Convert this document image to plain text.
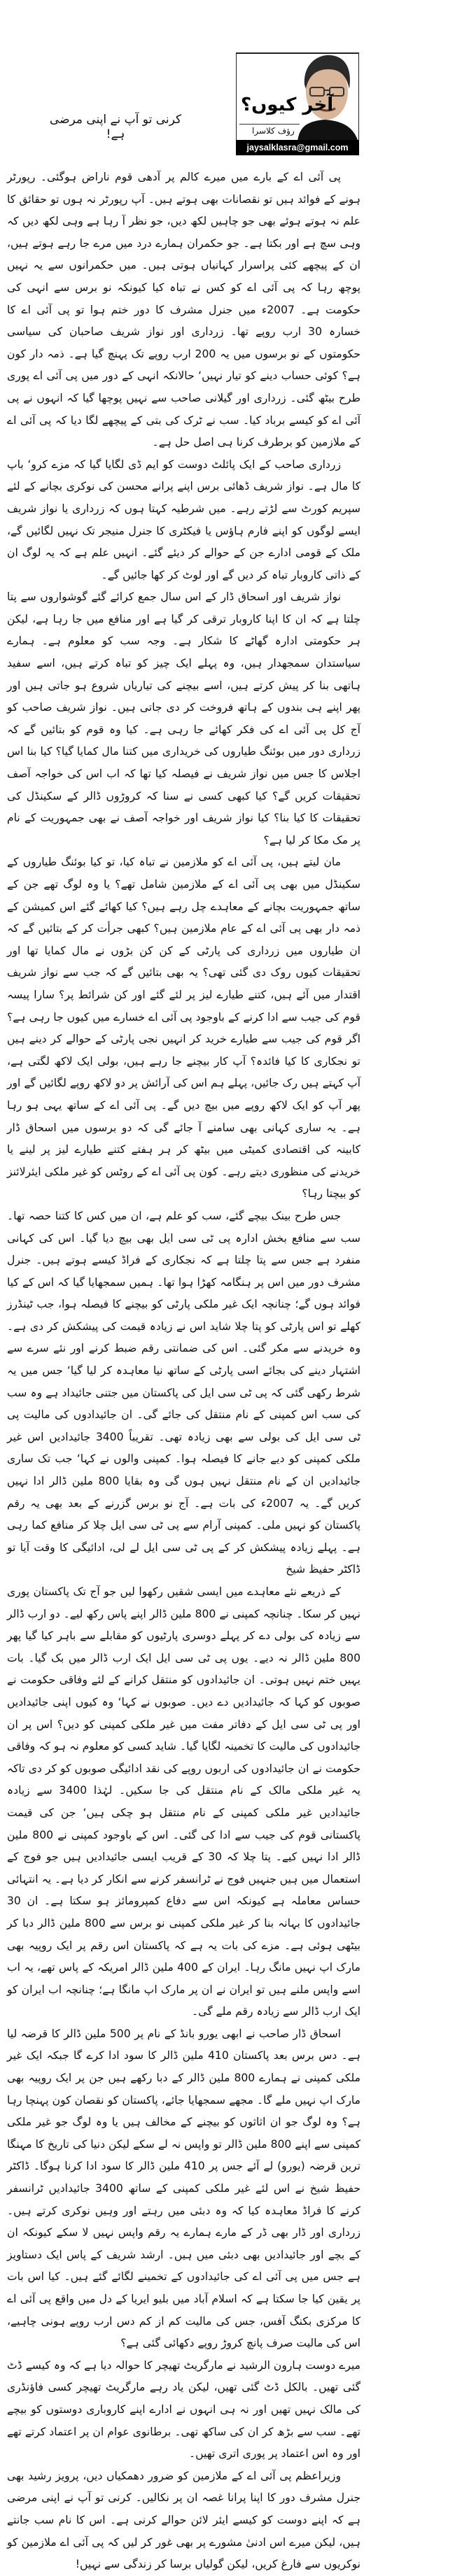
آخر کیوں؟
رؤف کلاسرا
jaysalklasra@gmail.com
کرنی تو آپ نے اپنی مرضی ہے!

پی آئی اے کے بارے میں میرے کالم پر آدھی قوم ناراض ہوگئی۔ رپورٹر ہونے کے فوائد ہیں تو نقصانات بھی ہوتے ہیں۔ آپ رپورٹر نہ ہوں تو حقائق کا علم نہ ہوتے ہوئے بھی جو چاہیں لکھ دیں، جو نظر آ رہا ہے وہی لکھ دیں کہ وہی سچ ہے اور بکتا ہے۔ جو حکمران ہمارے درد میں مرے جا رہے ہوتے ہیں، ان کے پیچھے کئی پراسرار کہانیاں ہوتی ہیں۔ میں حکمرانوں سے یہ نہیں پوچھ رہا کہ پی آئی اے کو کس نے تباہ کیا کیونکہ نو برس سے انہی کی حکومت ہے۔ 2007ء میں جنرل مشرف کا دور ختم ہوا تو پی آئی اے کا خسارہ 30 ارب روپے تھا۔ زرداری اور نواز شریف صاحبان کی سیاسی حکومتوں کے نو برسوں میں یہ 200 ارب روپے تک پہنچ گیا ہے۔ ذمہ دار کون ہے؟ کوئی حساب دینے کو تیار نہیں‘ حالانکہ انہی کے دور میں پی آئی اے پوری طرح بیٹھ گئی۔ زرداری اور گیلانی صاحب سے نہیں پوچھا گیا کہ انہوں نے پی آئی اے کو کیسے برباد کیا۔ سب نے ٹرک کی بتی کے پیچھے لگا دیا کہ پی آئی اے کے ملازمین کو برطرف کرنا ہی اصل حل ہے۔

زرداری صاحب کے ایک پائلٹ دوست کو ایم ڈی لگایا گیا کہ مزے کرو‘ باپ کا مال ہے۔ نواز شریف ڈھائی برس اپنے پرانے محسن کی نوکری بچانے کے لئے سپریم کورٹ سے لڑتے رہے۔ میں شرطیہ کہتا ہوں کہ زرداری یا نواز شریف ایسے لوگوں کو اپنے فارم ہاؤس یا فیکٹری کا جنرل منیجر تک نہیں لگائیں گے، ملک کے قومی ادارے جن کے حوالے کر دیئے گئے۔ انہیں علم ہے کہ یہ لوگ ان کے ذاتی کاروبار تباہ کر دیں گے اور لوٹ کر کھا جائیں گے۔

نواز شریف اور اسحاق ڈار کے اس سال جمع کرائے گئے گوشواروں سے پتا چلتا ہے کہ ان کا اپنا کاروبار ترقی کر گیا ہے اور منافع میں جا رہا ہے، لیکن ہر حکومتی ادارہ گھاٹے کا شکار ہے۔ وجہ سب کو معلوم ہے۔ ہمارے سیاستدان سمجھدار ہیں، وہ پہلے ایک چیز کو تباہ کرتے ہیں، اسے سفید ہاتھی بنا کر پیش کرتے ہیں، اسے بیچنے کی تیاریاں شروع ہو جاتی ہیں اور پھر اپنے ہی بندوں کے ہاتھ فروخت کر دی جاتی ہیں۔ نواز شریف صاحب کو آج کل پی آئی اے کی فکر کھائے جا رہی ہے۔ کیا وہ قوم کو بتائیں گے کہ زرداری دور میں بوئنگ طیاروں کی خریداری میں کتنا مال کمایا گیا؟ کیا بنا اس اجلاس کا جس میں نواز شریف نے فیصلہ کیا تھا کہ اب اس کی خواجہ آصف تحقیقات کریں گے؟ کیا کبھی کسی نے سنا کہ کروڑوں ڈالر کے سکینڈل کی تحقیقات کا کیا بنا؟ کیا نواز شریف اور خواجہ آصف نے بھی جمہوریت کے نام پر مک مکا کر لیا ہے؟

مان لیتے ہیں، پی آئی اے کو ملازمین نے تباہ کیا، تو کیا بوئنگ طیاروں کے سکینڈل میں بھی پی آئی اے کے ملازمین شامل تھے؟ یا وہ لوگ تھے جن کے ساتھ جمہوریت بچانے کے معاہدے چل رہے ہیں؟ کیا کھائے گئے اس کمیشن کے ذمہ دار بھی پی آئی اے کے عام ملازمین ہیں؟ کبھی جرأت کر کے بتائیں گے کہ ان طیاروں میں زرداری کی پارٹی کے کن کن بڑوں نے مال کمایا تھا اور تحقیقات کیوں روک دی گئی تھی؟ یہ بھی بتائیں گے کہ جب سے نواز شریف اقتدار میں آئے ہیں، کتنے طیارے لیز پر لئے گئے اور کن شرائط پر؟ سارا پیسہ قوم کی جیب سے ادا کرنے کے باوجود پی آئی اے خسارے میں کیوں جا رہی ہے؟ اگر قوم کی جیب سے طیارے خرید کر انہیں نجی پارٹی کے حوالے کر دینے ہیں تو نجکاری کا کیا فائدہ؟ آپ کار بیچنے جا رہے ہیں، بولی ایک لاکھ لگتی ہے، آپ کہتے ہیں رک جائیں، پہلے ہم اس کی آرائش پر دو لاکھ روپے لگائیں گے اور پھر آپ کو ایک لاکھ روپے میں بیچ دیں گے۔ پی آئی اے کے ساتھ یہی ہو رہا ہے۔ یہ ساری کہانی بھی سامنے آ جائے گی کہ دو برسوں میں اسحاق ڈار کابینہ کی اقتصادی کمیٹی میں بیٹھ کر ہر ہفتے کتنے طیارے لیز پر لینے یا خریدنے کی منظوری دیتے رہے۔ کون پی آئی اے کے روٹس کو غیر ملکی ایئرلائنز کو بیچتا رہا؟

جس طرح بینک بیچے گئے، سب کو علم ہے، ان میں کس کا کتنا حصہ تھا۔ سب سے منافع بخش ادارہ پی ٹی سی ایل بھی بیچ دیا گیا۔ اس کی کہانی منفرد ہے جس سے پتا چلتا ہے کہ نجکاری کے فراڈ کیسے ہوتے ہیں۔ جنرل مشرف دور میں اس پر ہنگامہ کھڑا ہوا تھا۔ ہمیں سمجھایا گیا کہ اس کے کیا فوائد ہوں گے؛ چنانچہ ایک غیر ملکی پارٹی کو بیچنے کا فیصلہ ہوا، جب ٹینڈرز کھلے تو اس پارٹی کو پتا چلا شاید اس نے زیادہ قیمت کی پیشکش کر دی ہے۔ وہ خریدنے سے مکر گئی۔ اس کی ضمانتی رقم ضبط کرنے اور نئے سرے سے اشتہار دینے کی بجائے اسی پارٹی کے ساتھ نیا معاہدہ کر لیا گیا‘ جس میں یہ شرط رکھی گئی کہ پی ٹی سی ایل کی پاکستان میں جتنی جائیداد ہے وہ سب کی سب اس کمپنی کے نام منتقل کی جائے گی۔ ان جائیدادوں کی مالیت پی ٹی سی ایل کی بولی سے بھی زیادہ تھی۔ تقریباً 3400 جائیدادیں اس غیر ملکی کمپنی کو دیے جانے کا فیصلہ ہوا۔ کمپنی والوں نے کہا‘ جب تک ساری جائیدادیں ان کے نام منتقل نہیں ہوں گی وہ بقایا 800 ملین ڈالر ادا نہیں کریں گے۔ یہ 2007ء کی بات ہے۔ آج نو برس گزرنے کے بعد بھی یہ رقم پاکستان کو نہیں ملی۔ کمپنی آرام سے پی ٹی سی ایل چلا کر منافع کما رہی ہے۔ پہلے زیادہ پیشکش کر کے پی ٹی سی ایل لے لی، ادائیگی کا وقت آیا تو ڈاکٹر حفیظ شیخ

کے ذریعے نئے معاہدے میں ایسی شقیں رکھوا لیں جو آج تک پاکستان پوری نہیں کر سکا۔ چنانچہ کمپنی نے 800 ملین ڈالر اپنے پاس رکھ لیے۔ دو ارب ڈالر سے زیادہ کی بولی دے کر پہلے دوسری پارٹیوں کو مقابلے سے باہر کیا گیا پھر 800 ملین ڈالر نہ دیے۔ یوں پی ٹی سی ایل ایک ارب ڈالر میں بک گیا۔ بات یہیں ختم نہیں ہوتی۔ ان جائیدادوں کو منتقل کرانے کے لئے وفاقی حکومت نے صوبوں کو کہا کہ جائیدادیں دے دیں۔ صوبوں نے کہا‘ وہ کیوں اپنی جائیدادیں اور پی ٹی سی ایل کے دفاتر مفت میں غیر ملکی کمپنی کو دیں؟ اس پر ان جائیدادوں کی مالیت کا تخمینہ لگایا گیا۔ شاید کسی کو معلوم نہ ہو کہ وفاقی حکومت نے ان جائیدادوں کی اربوں روپے کی نقد ادائیگی صوبوں کو کر دی تاکہ یہ غیر ملکی مالک کے نام منتقل کی جا سکیں۔ لہٰذا 3400 سے زیادہ جائیدادیں غیر ملکی کمپنی کے نام منتقل ہو چکی ہیں‘ جن کی قیمت پاکستانی قوم کی جیب سے ادا کی گئی۔ اس کے باوجود کمپنی نے 800 ملین ڈالر ادا نہیں کیے۔ پتا چلا کہ 30 کے قریب ایسی جائیدادیں ہیں جو فوج کے استعمال میں ہیں جنہیں فوج نے ٹرانسفر کرنے سے انکار کر دیا ہے۔ یہ انتہائی حساس معاملہ ہے کیونکہ اس سے دفاع کمپرومائز ہو سکتا ہے۔ ان 30 جائیدادوں کا بہانہ بنا کر غیر ملکی کمپنی نو برس سے 800 ملین ڈالر دبا کر بیٹھی ہوئی ہے۔ مزے کی بات یہ ہے کہ پاکستان اس رقم پر ایک روپیہ بھی مارک اپ نہیں مانگ رہا۔ ایران کے 400 ملین ڈالر امریکہ کے پاس تھے، یہ اب اسے واپس ملنے ہیں تو ایران نے ان پر مارک اپ مانگا ہے؛ چنانچہ اب ایران کو ایک ارب ڈالر سے زیادہ رقم ملے گی۔

اسحاق ڈار صاحب نے ابھی یورو بانڈ کے نام پر 500 ملین ڈالر کا قرضہ لیا ہے۔ دس برس بعد پاکستان 410 ملین ڈالر کا سود ادا کرے گا جبکہ ایک غیر ملکی کمپنی نے ہمارے 800 ملین ڈالر کے دبا رکھے ہیں جن پر ایک روپیہ بھی مارک اپ نہیں ملے گا۔ مجھے سمجھایا جائے، پاکستان کو نقصان کون پہنچا رہا ہے؟ وہ لوگ جو ان اثاثوں کو بیچنے کے مخالف ہیں یا وہ لوگ جو غیر ملکی کمپنی سے اپنے 800 ملین ڈالر تو واپس نہ لے سکے لیکن دنیا کی تاریخ کا مہنگا ترین قرضہ (یورو) لے آئے جس پر 410 ملین ڈالر کا سود ادا کرنا ہوگا۔ ڈاکٹر حفیظ شیخ نے اس لئے غیر ملکی کمپنی کے ساتھ 3400 جائیدادیں ٹرانسفر کرنے کا فراڈ معاہدہ کیا کہ وہ دبئی میں رہتے اور وہیں نوکری کرتے ہیں۔ زرداری اور ڈار بھی ڈر کے مارے ہمارے یہ رقم واپس نہیں لا سکے کیونکہ ان کے بچے اور جائیدادیں بھی دبئی میں ہیں۔ ارشد شریف کے پاس ایک دستاویز ہے جس میں پی آئی اے کی جائیدادوں کے تخمینے لگائے گئے ہیں۔ کیا اس بات پر یقین کیا جا سکتا ہے کہ اسلام آباد میں بلیو ایریا کے دل میں واقع پی آئی اے کا مرکزی بکنگ آفس، جس کی مالیت کم از کم دس ارب روپے ہونی چاہیے، اس کی مالیت صرف پانچ کروڑ روپے دکھائی گئی ہے؟

میرے دوست ہارون الرشید نے مارگریٹ تھیچر کا حوالہ دیا ہے کہ وہ کیسے ڈٹ گئی تھیں۔ بالکل ڈٹ گئی تھیں، لیکن یاد رہے مارگریٹ تھیچر کسی فاؤنڈری کی مالک نہیں تھیں اور نہ ہی انہوں نے ادارے اپنے کاروباری دوستوں کو بیچے تھے۔ سب سے بڑھ کر ان کی ساکھ تھی۔ برطانوی عوام ان پر اعتماد کرتے تھے اور وہ اس اعتماد پر پوری اتری تھیں۔

وزیراعظم پی آئی اے کے ملازمین کو ضرور دھمکیاں دیں، پرویز رشید بھی جنرل مشرف دور کا اپنا پرانا غصہ ان پر نکالیں۔ کرنی تو آپ نے اپنی مرضی ہے کہ اپنے دوست کو کیسے ایئر لائن حوالے کرنی ہے۔ اس کا نام سب جانتے ہیں، لیکن میرے اس ادنیٰ مشورے پر بھی غور کر لیں کہ پی آئی اے ملازمین کو نوکریوں سے فارغ کریں، لیکن گولیاں برسا کر زندگی سے نہیں!
